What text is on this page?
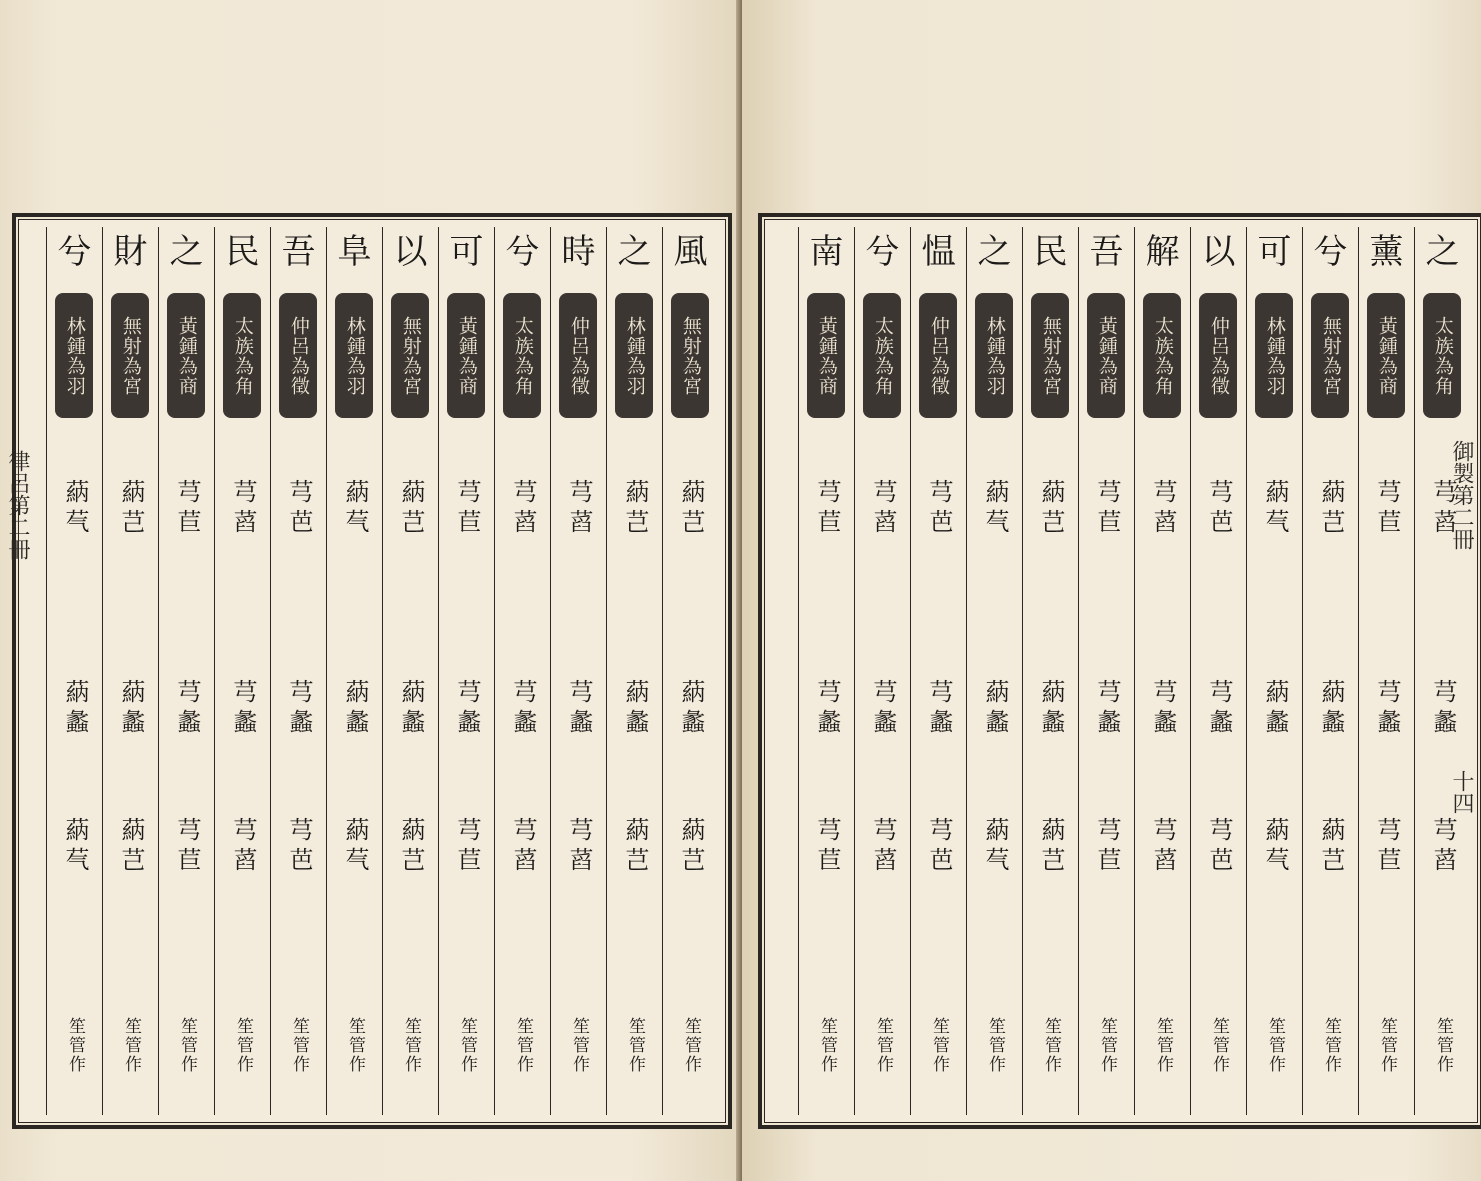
風
無射為宮
蒳芑
蒳蠡
蒳芑
笙管作
之
林鍾為羽
蒳芑
蒳蠡
蒳芑
笙管作
時
仲呂為徵
芎蓞
芎蠡
芎蓞
笙管作
兮
太族為角
芎蓞
芎蠡
芎蓞
笙管作
可
黃鍾為商
芎苣
芎蠡
芎苣
笙管作
以
無射為宮
蒳芑
蒳蠡
蒳芑
笙管作
阜
林鍾為羽
蒳芞
蒳蠡
蒳芞
笙管作
吾
仲呂為徵
芎芭
芎蠡
芎芭
笙管作
民
太族為角
芎蓞
芎蠡
芎蓞
笙管作
之
黃鍾為商
芎苣
芎蠡
芎苣
笙管作
財
無射為宮
蒳芑
蒳蠡
蒳芑
笙管作
兮
林鍾為羽
蒳芞
蒳蠡
蒳芞
笙管作
律呂第二冊
之
太族為角
芎蓞
芎蠡
芎蓞
笙管作
薰
黃鍾為商
芎苣
芎蠡
芎苣
笙管作
兮
無射為宮
蒳芑
蒳蠡
蒳芑
笙管作
可
林鍾為羽
蒳芞
蒳蠡
蒳芞
笙管作
以
仲呂為徵
芎芭
芎蠡
芎芭
笙管作
解
太族為角
芎蓞
芎蠡
芎蓞
笙管作
吾
黃鍾為商
芎苣
芎蠡
芎苣
笙管作
民
無射為宮
蒳芑
蒳蠡
蒳芑
笙管作
之
林鍾為羽
蒳芞
蒳蠡
蒳芞
笙管作
愠
仲呂為徵
芎芭
芎蠡
芎芭
笙管作
兮
太族為角
芎蓞
芎蠡
芎蓞
笙管作
南
黃鍾為商
芎苣
芎蠡
芎苣
笙管作
御製第二冊
十四
